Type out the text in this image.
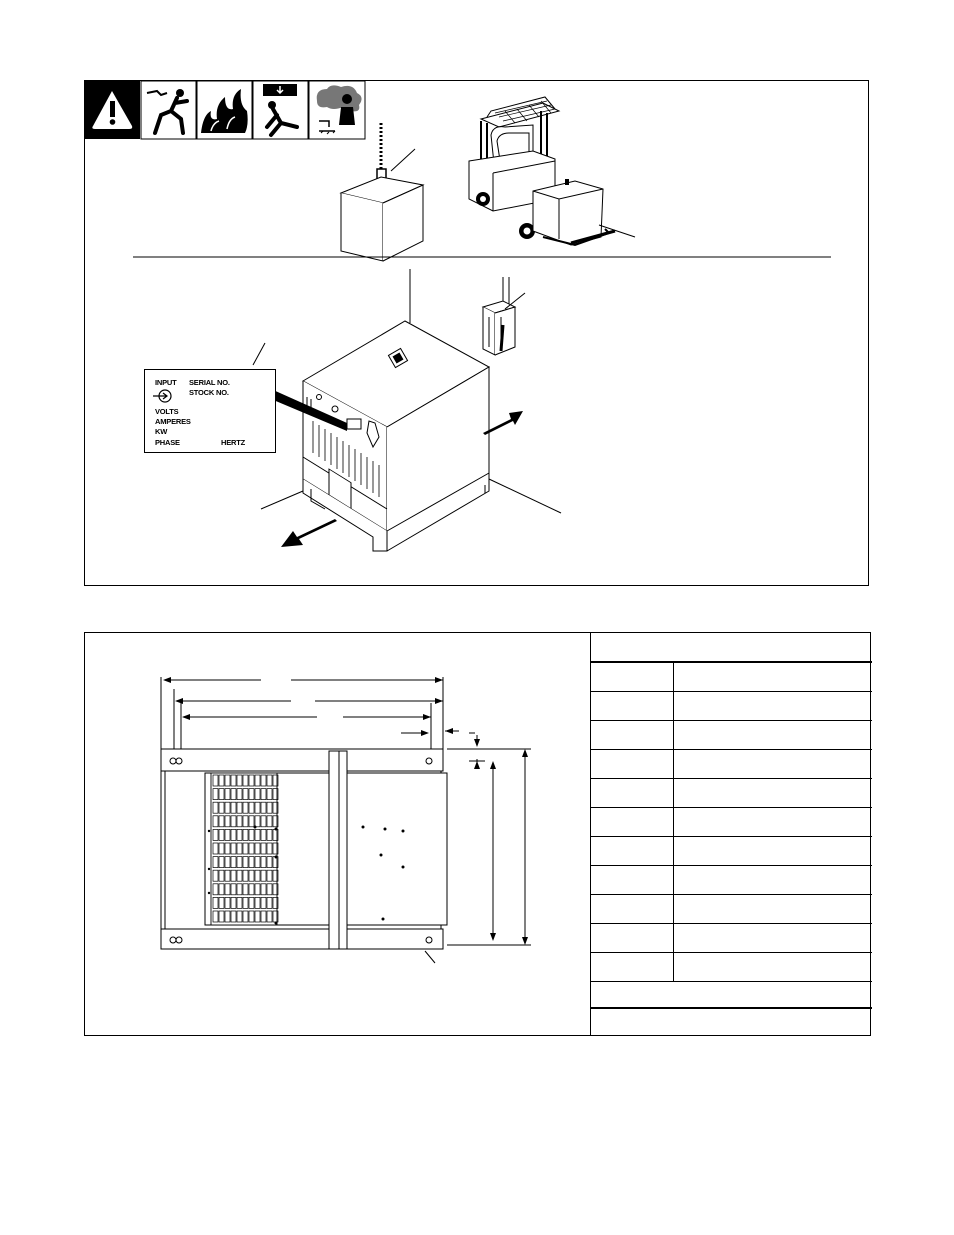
INPUT SERIAL NO.
STOCK NO.
VOLTS
AMPERES
KW
PHASE	HERTZ
